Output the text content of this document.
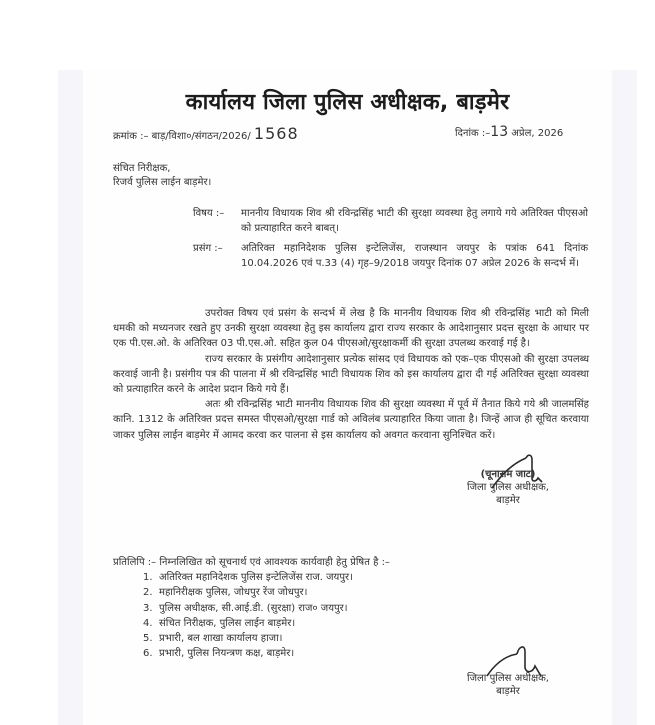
कार्यालय जिला पुलिस अधीक्षक, बाड़मेर
क्रमांक :– बाड़/विशा०/संगठन/2026/ 1568	दिनांक :–13 अप्रेल, 2026
संचित निरीक्षक,
रिजर्व पुलिस लाईन बाड़मेर।
विषय :–	माननीय विधायक शिव श्री रविन्द्रसिंह भाटी की सुरक्षा व्यवस्था हेतु लगाये गये अतिरिक्त पीएसओ को प्रत्याहारित करने बाबत्।
प्रसंग :–	अतिरिक्त महानिदेशक पुलिस इन्टेलिजेंस, राजस्थान जयपुर के पत्रांक 641 दिनांक 10.04.2026 एवं प.33 (4) गृह–9/2018 जयपुर दिनांक 07 अप्रेल 2026 के सन्दर्भ में।

उपरोक्त विषय एवं प्रसंग के सन्दर्भ में लेख है कि माननीय विधायक शिव श्री रविन्द्रसिंह भाटी को मिली धमकी को मध्यनजर रखते हुए उनकी सुरक्षा व्यवस्था हेतु इस कार्यालय द्वारा राज्य सरकार के आदेशानुसार प्रदत्त सुरक्षा के आधार पर एक पी.एस.ओ. के अतिरिक्त 03 पी.एस.ओ. सहित कुल 04 पीएसओ/सुरक्षाकर्मी की सुरक्षा उपलब्ध करवाई गई है।

राज्य सरकार के प्रसंगीय आदेशानुसार प्रत्येक सांसद एवं विधायक को एक–एक पीएसओ की सुरक्षा उपलब्ध करवाई जानी है। प्रसंगीय पत्र की पालना में श्री रविन्द्रसिंह भाटी विधायक शिव को इस कार्यालय द्वारा दी गई अतिरिक्त सुरक्षा व्यवस्था को प्रत्याहारित करने के आदेश प्रदान किये गये हैं।

अतः श्री रविन्द्रसिंह भाटी माननीय विधायक शिव की सुरक्षा व्यवस्था में पूर्व में तैनात किये गये श्री जालमसिंह कानि. 1312 के अतिरिक्त प्रदत्त समस्त पीएसओ/सुरक्षा गार्ड को अविलंब प्रत्याहारित किया जाता है। जिन्हें आज ही सूचित करवाया जाकर पुलिस लाईन बाड़मेर में आमद करवा कर पालना से इस कार्यालय को अवगत करवाना सुनिश्चित करें।

(चूनाराम जाट)
जिला पुलिस अधीक्षक,
बाड़मेर
प्रतिलिपि :– निम्नलिखित को सूचनार्थ एवं आवश्यक कार्यवाही हेतु प्रेषित है :–
1. अतिरिक्त महानिदेशक पुलिस इन्टेलिजेंस राज. जयपुर।
2. महानिरीक्षक पुलिस, जोधपुर रेंज जोधपुर।
3. पुलिस अधीक्षक, सी.आई.डी. (सुरक्षा) राज० जयपुर।
4. संचित निरीक्षक, पुलिस लाईन बाड़मेर।
5. प्रभारी, बल शाखा कार्यालय हाजा।
6. प्रभारी, पुलिस नियन्त्रण कक्ष, बाड़मेर।
जिला पुलिस अधीक्षक,
बाड़मेर
